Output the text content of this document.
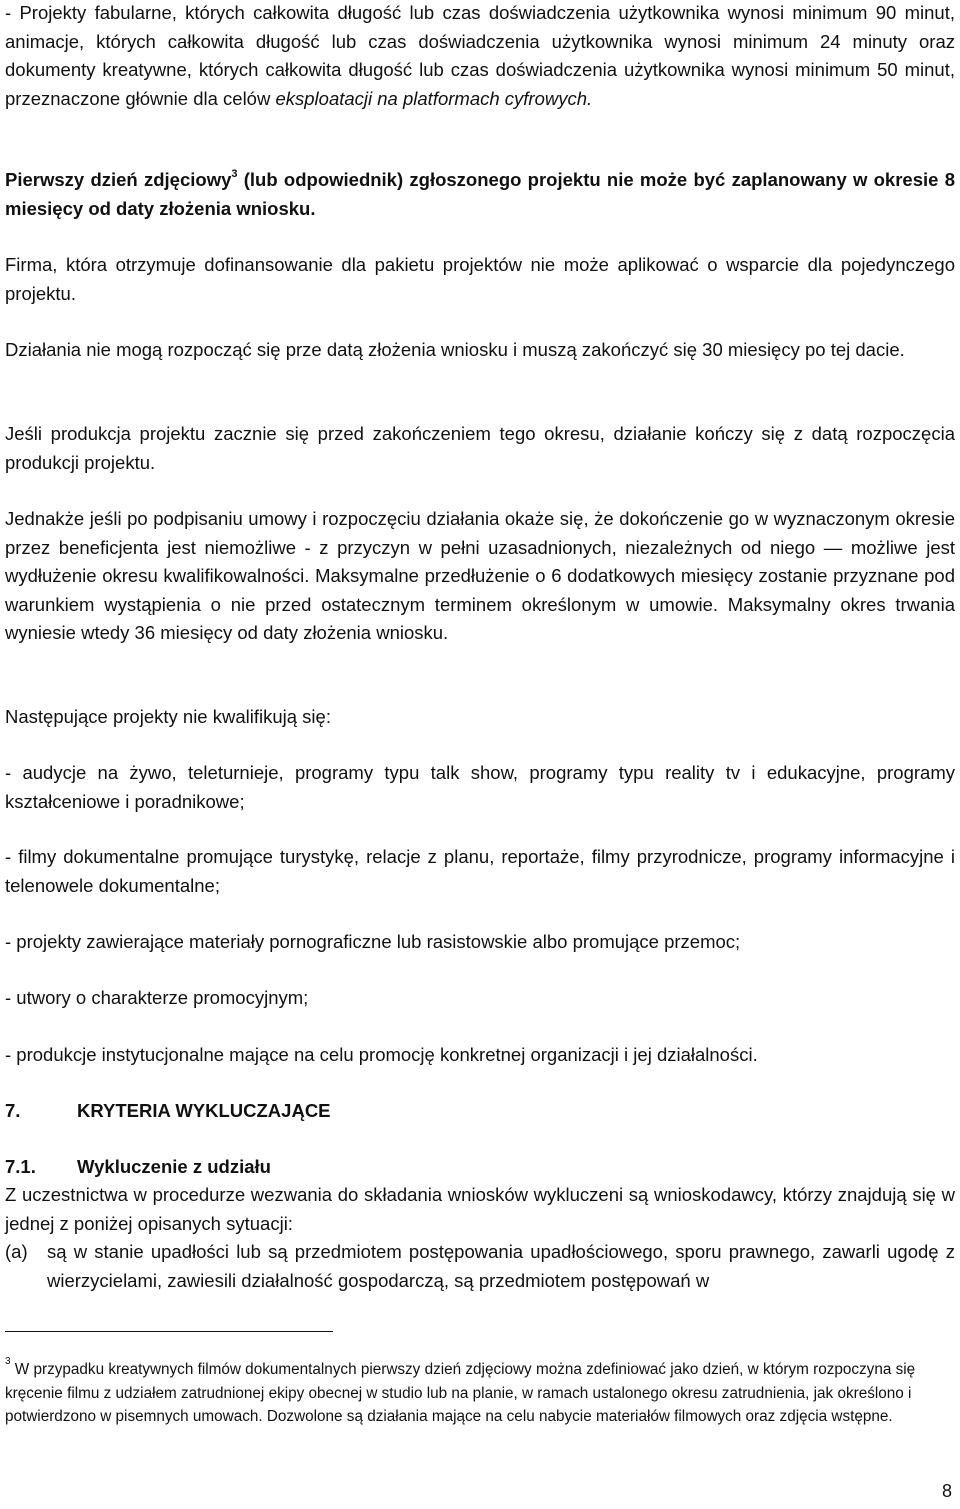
- Projekty fabularne, których całkowita długość lub czas doświadczenia użytkownika wynosi minimum 90 minut, animacje, których całkowita długość lub czas doświadczenia użytkownika wynosi minimum 24 minuty oraz dokumenty kreatywne, których całkowita długość lub czas doświadczenia użytkownika wynosi minimum 50 minut, przeznaczone głównie dla celów eksploatacji na platformach cyfrowych.

Pierwszy dzień zdjęciowy$^3$ (lub odpowiednik) zgłoszonego projektu nie może być zaplanowany w okresie 8 miesięcy od daty złożenia wniosku.

Firma, która otrzymuje dofinansowanie dla pakietu projektów nie może aplikować o wsparcie dla pojedynczego projektu.

Działania nie mogą rozpocząć się prze datą złożenia wniosku i muszą zakończyć się 30 miesięcy po tej dacie.

Jeśli produkcja projektu zacznie się przed zakończeniem tego okresu, działanie kończy się z datą rozpoczęcia produkcji projektu.

Jednakże jeśli po podpisaniu umowy i rozpoczęciu działania okaże się, że dokończenie go w wyznaczonym okresie przez beneficjenta jest niemożliwe - z przyczyn w pełni uzasadnionych, niezależnych od niego — możliwe jest wydłużenie okresu kwalifikowalności. Maksymalne przedłużenie o 6 dodatkowych miesięcy zostanie przyznane pod warunkiem wystąpienia o nie przed ostatecznym terminem określonym w umowie. Maksymalny okres trwania wyniesie wtedy 36 miesięcy od daty złożenia wniosku.

Następujące projekty nie kwalifikują się:

- audycje na żywo, teleturnieje, programy typu talk show, programy typu reality tv i edukacyjne, programy kształceniowe i poradnikowe;

- filmy dokumentalne promujące turystykę, relacje z planu, reportaże, filmy przyrodnicze, programy informacyjne i telenowele dokumentalne;

- projekty zawierające materiały pornograficzne lub rasistowskie albo promujące przemoc;

- utwory o charakterze promocyjnym;

- produkcje instytucjonalne mające na celu promocję konkretnej organizacji i jej działalności.

7.	KRYTERIA WYKLUCZAJĄCE
7.1. Wykluczenie z udziału

Z uczestnictwa w procedurze wezwania do składania wniosków wykluczeni są wnioskodawcy, którzy znajdują się w jednej z poniżej opisanych sytuacji:

(a) są w stanie upadłości lub są przedmiotem postępowania upadłościowego, sporu prawnego, zawarli ugodę z wierzycielami, zawiesili działalność gospodarczą, są przedmiotem postępowań w

$^3$ W przypadku kreatywnych filmów dokumentalnych pierwszy dzień zdjęciowy można zdefiniować jako dzień, w którym rozpoczyna się kręcenie filmu z udziałem zatrudnionej ekipy obecnej w studio lub na planie, w ramach ustalonego okresu zatrudnienia, jak określono i potwierdzono w pisemnych umowach. Dozwolone są działania mające na celu nabycie materiałów filmowych oraz zdjęcia wstępne.

8
